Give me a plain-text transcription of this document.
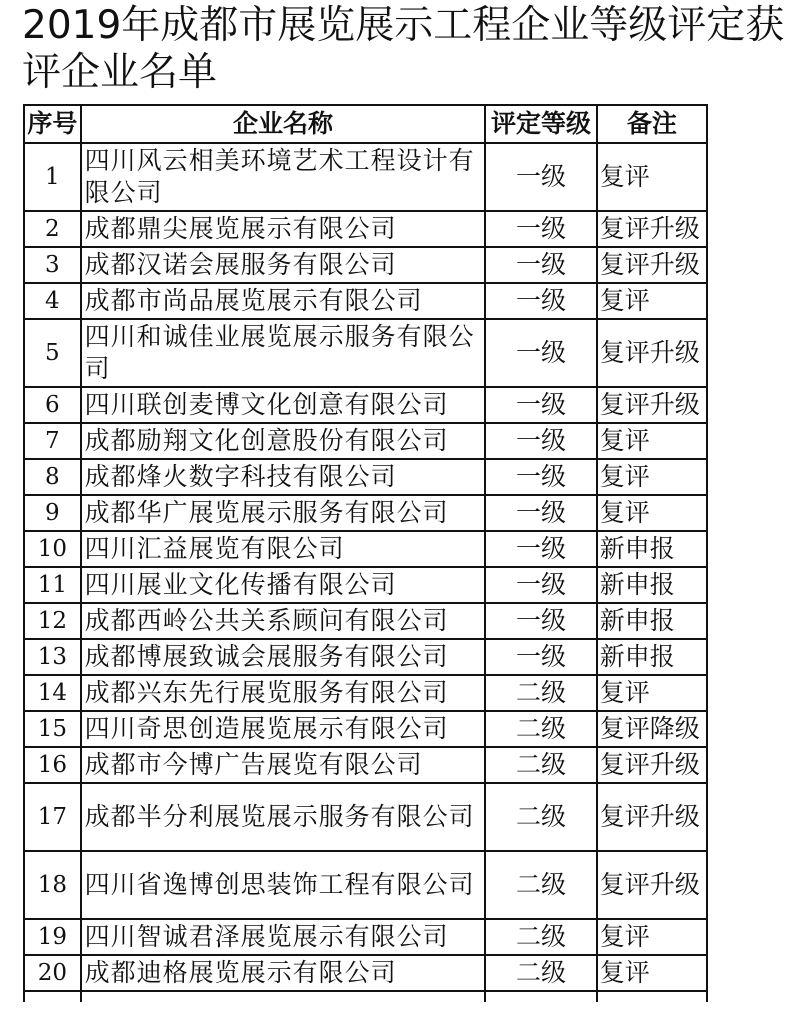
2019年成都市展览展示工程企业等级评定获评企业名单
序号	企业名称	评定等级	备注
1	四川风云相美环境艺术工程设计有限公司	一级	复评
2	成都鼎尖展览展示有限公司	一级	复评升级
3	成都汉诺会展服务有限公司	一级	复评升级
4	成都市尚品展览展示有限公司	一级	复评
5	四川和诚佳业展览展示服务有限公司	一级	复评升级
6	四川联创麦博文化创意有限公司	一级	复评升级
7	成都励翔文化创意股份有限公司	一级	复评
8	成都烽火数字科技有限公司	一级	复评
9	成都华广展览展示服务有限公司	一级	复评
10	四川汇益展览有限公司	一级	新申报
11	四川展业文化传播有限公司	一级	新申报
12	成都西岭公共关系顾问有限公司	一级	新申报
13	成都博展致诚会展服务有限公司	一级	新申报
14	成都兴东先行展览服务有限公司	二级	复评
15	四川奇思创造展览展示有限公司	二级	复评降级
16	成都市今博广告展览有限公司	二级	复评升级
17	成都半分利展览展示服务有限公司	二级	复评升级
18	四川省逸博创思装饰工程有限公司	二级	复评升级
19	四川智诚君泽展览展示有限公司	二级	复评
20	成都迪格展览展示有限公司	二级	复评
